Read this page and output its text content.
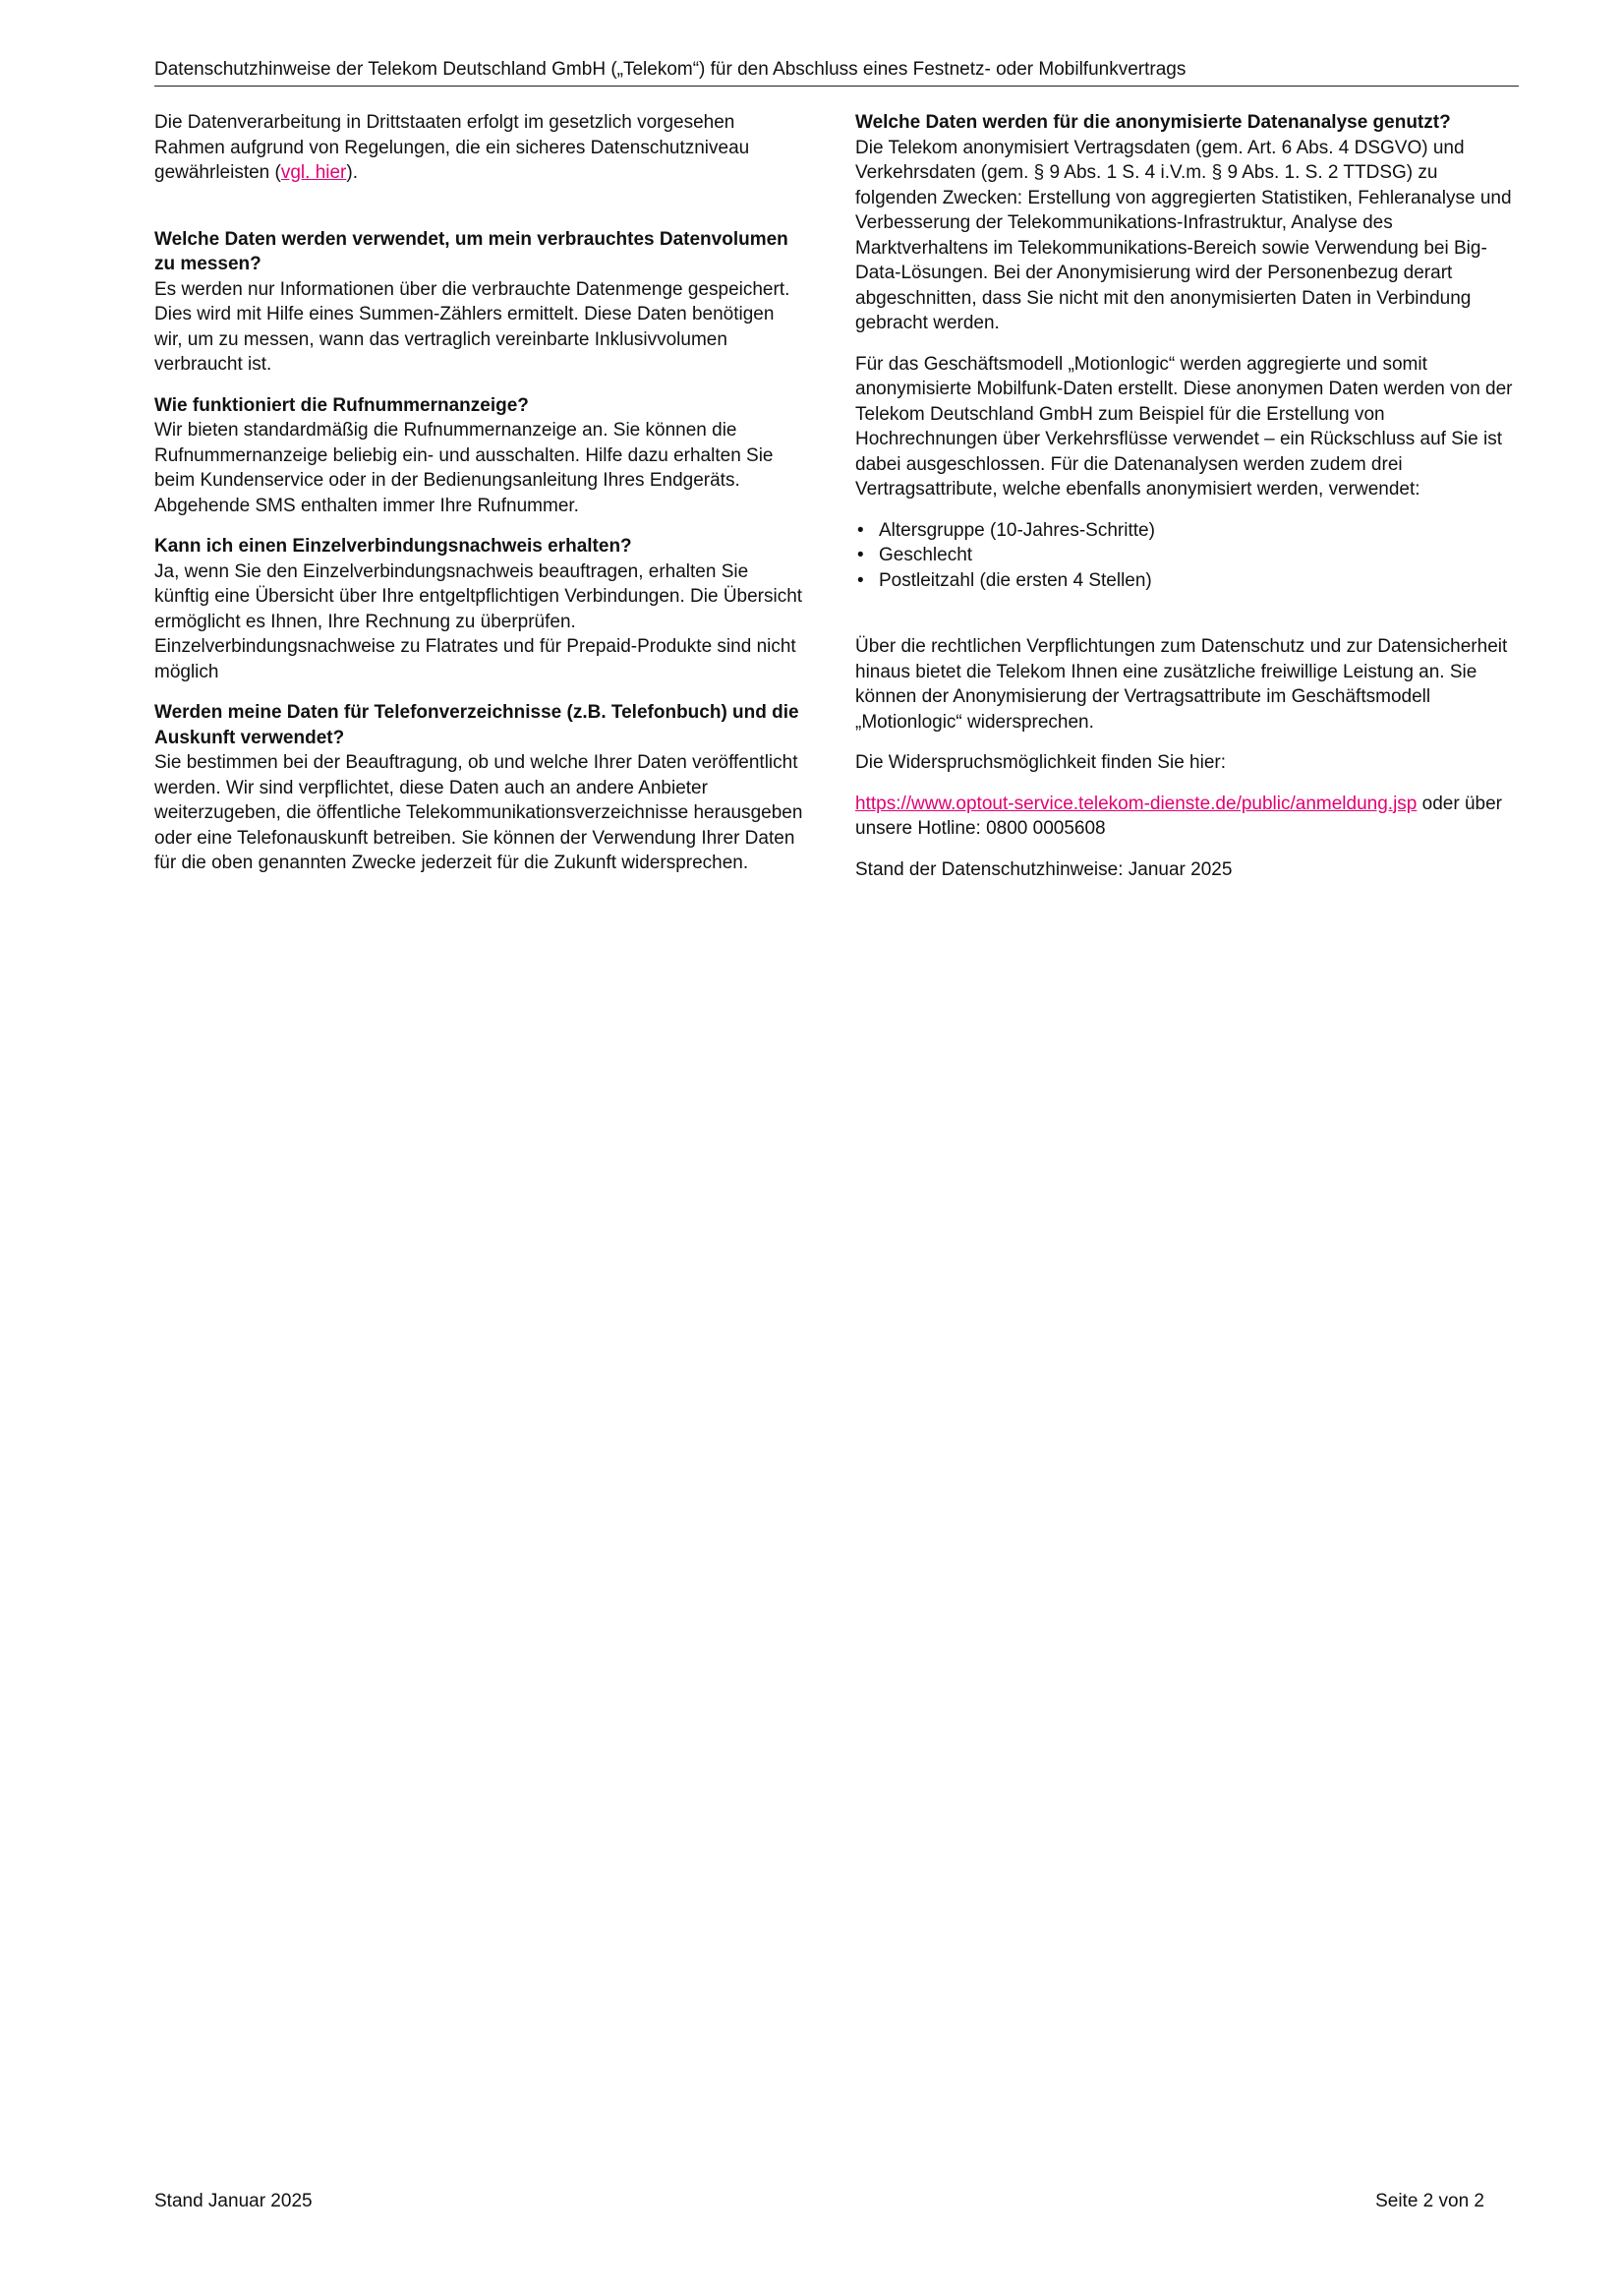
Datenschutzhinweise der Telekom Deutschland GmbH („Telekom“) für den Abschluss eines Festnetz- oder Mobilfunkvertrags

Die Datenverarbeitung in Drittstaaten erfolgt im gesetzlich vorgesehen Rahmen aufgrund von Regelungen, die ein sicheres Datenschutzniveau gewährleisten (vgl. hier).

Welche Daten werden verwendet, um mein verbrauchtes Datenvolumen zu messen?

Es werden nur Informationen über die verbrauchte Datenmenge gespeichert. Dies wird mit Hilfe eines Summen-Zählers ermittelt. Diese Daten benötigen wir, um zu messen, wann das vertraglich vereinbarte Inklusivvolumen verbraucht ist.

Wie funktioniert die Rufnummernanzeige?

Wir bieten standardmäßig die Rufnummernanzeige an. Sie können die Rufnummernanzeige beliebig ein- und ausschalten. Hilfe dazu erhalten Sie beim Kundenservice oder in der Bedienungsanleitung Ihres Endgeräts. Abgehende SMS enthalten immer Ihre Rufnummer.

Kann ich einen Einzelverbindungsnachweis erhalten?

Ja, wenn Sie den Einzelverbindungsnachweis beauftragen, erhalten Sie künftig eine Übersicht über Ihre entgeltpflichtigen Verbindungen. Die Übersicht ermöglicht es Ihnen, Ihre Rechnung zu überprüfen. Einzelverbindungsnachweise zu Flatrates und für Prepaid-Produkte sind nicht möglich

Werden meine Daten für Telefonverzeichnisse (z.B. Telefonbuch) und die Auskunft verwendet?

Sie bestimmen bei der Beauftragung, ob und welche Ihrer Daten veröffentlicht werden. Wir sind verpflichtet, diese Daten auch an andere Anbieter weiterzugeben, die öffentliche Telekommunikationsverzeichnisse herausgeben oder eine Telefonauskunft betreiben. Sie können der Verwendung Ihrer Daten für die oben genannten Zwecke jederzeit für die Zukunft widersprechen.

Welche Daten werden für die anonymisierte Datenanalyse genutzt?

Die Telekom anonymisiert Vertragsdaten (gem. Art. 6 Abs. 4 DSGVO) und Verkehrsdaten (gem. § 9 Abs. 1 S. 4 i.V.m. § 9 Abs. 1. S. 2 TTDSG) zu folgenden Zwecken: Erstellung von aggregierten Statistiken, Fehleranalyse und Verbesserung der Telekommunikations-Infrastruktur, Analyse des Marktverhaltens im Telekommunikations-Bereich sowie Verwendung bei Big-Data-Lösungen. Bei der Anonymisierung wird der Personenbezug derart abgeschnitten, dass Sie nicht mit den anonymisierten Daten in Verbindung gebracht werden.

Für das Geschäftsmodell „Motionlogic“ werden aggregierte und somit anonymisierte Mobilfunk-Daten erstellt. Diese anonymen Daten werden von der Telekom Deutschland GmbH zum Beispiel für die Erstellung von Hochrechnungen über Verkehrsflüsse verwendet – ein Rückschluss auf Sie ist dabei ausgeschlossen. Für die Datenanalysen werden zudem drei Vertragsattribute, welche ebenfalls anonymisiert werden, verwendet:

• Altersgruppe (10-Jahres-Schritte)
• Geschlecht
• Postleitzahl (die ersten 4 Stellen)

Über die rechtlichen Verpflichtungen zum Datenschutz und zur Datensicherheit hinaus bietet die Telekom Ihnen eine zusätzliche freiwillige Leistung an. Sie können der Anonymisierung der Vertragsattribute im Geschäftsmodell „Motionlogic“ widersprechen.

Die Widerspruchsmöglichkeit finden Sie hier:

https://www.optout-service.telekom-dienste.de/public/anmeldung.jsp oder über unsere Hotline: 0800 0005608

Stand der Datenschutzhinweise: Januar 2025

Stand Januar 2025	Seite 2 von 2
